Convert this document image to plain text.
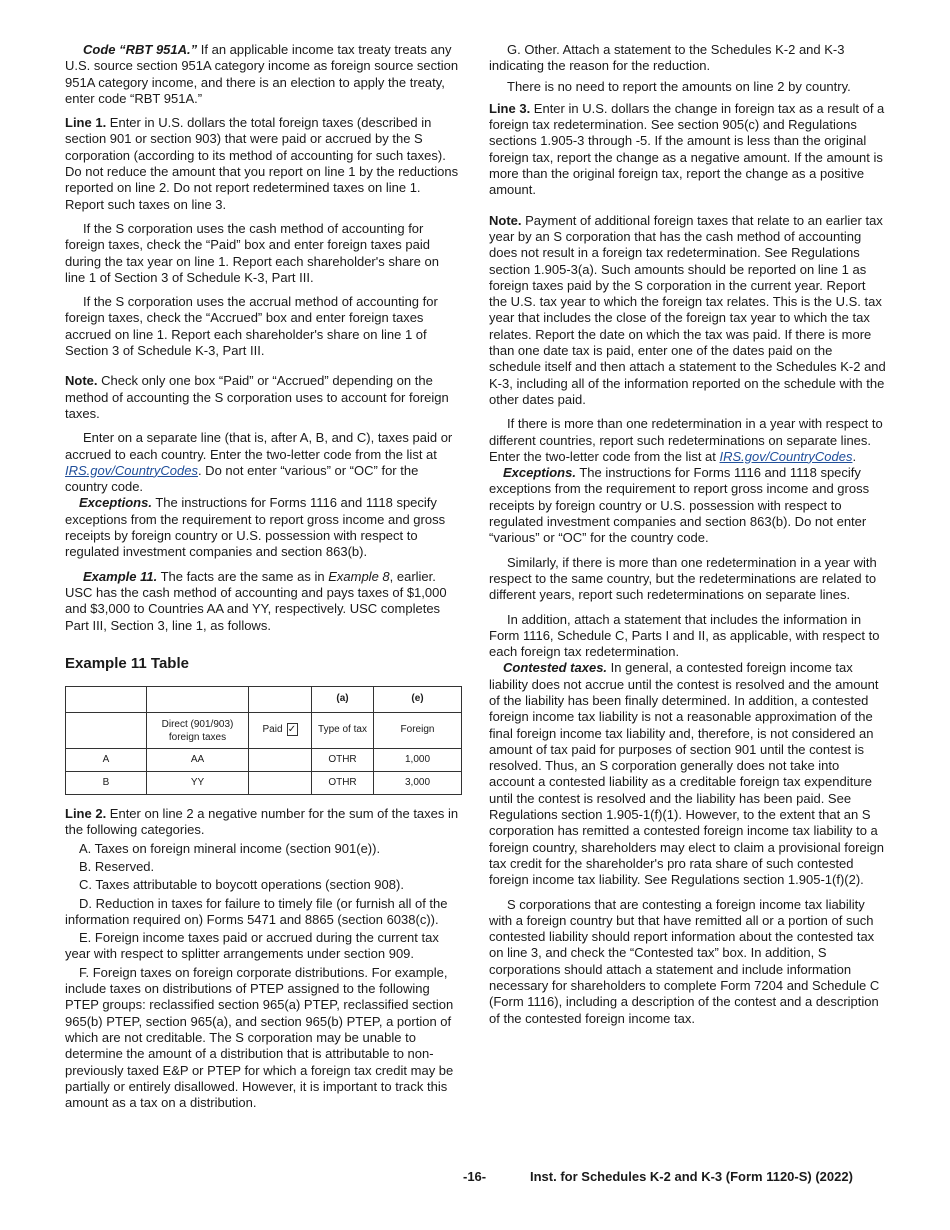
Code “RBT 951A.” If an applicable income tax treaty treats any U.S. source section 951A category income as foreign source section 951A category income, and there is an election to apply the treaty, enter code “RBT 951A.”

Line 1. Enter in U.S. dollars the total foreign taxes (described in section 901 or section 903) that were paid or accrued by the S corporation (according to its method of accounting for such taxes). Do not reduce the amount that you report on line 1 by the reductions reported on line 2. Do not report redetermined taxes on line 1. Report such taxes on line 3.

If the S corporation uses the cash method of accounting for foreign taxes, check the “Paid” box and enter foreign taxes paid during the tax year on line 1. Report each shareholder's share on line 1 of Section 3 of Schedule K-3, Part III.

If the S corporation uses the accrual method of accounting for foreign taxes, check the “Accrued” box and enter foreign taxes accrued on line 1. Report each shareholder's share on line 1 of Section 3 of Schedule K-3, Part III.

Note. Check only one box “Paid” or “Accrued” depending on the method of accounting the S corporation uses to account for foreign taxes.

Enter on a separate line (that is, after A, B, and C), taxes paid or accrued to each country. Enter the two-letter code from the list at IRS.gov/CountryCodes. Do not enter “various” or “OC” for the country code.

Exceptions. The instructions for Forms 1116 and 1118 specify exceptions from the requirement to report gross income and gross receipts by foreign country or U.S. possession with respect to regulated investment companies and section 863(b).

Example 11. The facts are the same as in Example 8, earlier. USC has the cash method of accounting and pays taxes of $1,000 and $3,000 to Countries AA and YY, respectively. USC completes Part III, Section 3, line 1, as follows.

Example 11 Table
			(a)	(e)
	Direct (901/903) foreign taxes	Paid ✓	Type of tax	Foreign
A	AA		OTHR	1,000
B	YY		OTHR	3,000

Line 2. Enter on line 2 a negative number for the sum of the taxes in the following categories.

A. Taxes on foreign mineral income (section 901(e)).

B. Reserved.

C. Taxes attributable to boycott operations (section 908).

D. Reduction in taxes for failure to timely file (or furnish all of the information required on) Forms 5471 and 8865 (section 6038(c)).

E. Foreign income taxes paid or accrued during the current tax year with respect to splitter arrangements under section 909.

F. Foreign taxes on foreign corporate distributions. For example, include taxes on distributions of PTEP assigned to the following PTEP groups: reclassified section 965(a) PTEP, reclassified section 965(b) PTEP, section 965(a), and section 965(b) PTEP, a portion of which are not creditable. The S corporation may be unable to determine the amount of a distribution that is attributable to non-previously taxed E&P or PTEP for which a foreign tax credit may be partially or entirely disallowed. However, it is important to track this amount as a tax on a distribution.

G. Other. Attach a statement to the Schedules K-2 and K-3 indicating the reason for the reduction.

There is no need to report the amounts on line 2 by country.

Line 3. Enter in U.S. dollars the change in foreign tax as a result of a foreign tax redetermination. See section 905(c) and Regulations sections 1.905-3 through -5. If the amount is less than the original foreign tax, report the change as a negative amount. If the amount is more than the original foreign tax, report the change as a positive amount.

Note. Payment of additional foreign taxes that relate to an earlier tax year by an S corporation that has the cash method of accounting does not result in a foreign tax redetermination. See Regulations section 1.905-3(a). Such amounts should be reported on line 1 as foreign taxes paid by the S corporation in the current year. Report the U.S. tax year to which the foreign tax relates. This is the U.S. tax year that includes the close of the foreign tax year to which the tax relates. Report the date on which the tax was paid. If there is more than one date tax is paid, enter one of the dates paid on the schedule itself and then attach a statement to the Schedules K-2 and K-3, including all of the information reported on the schedule with the other dates paid.

If there is more than one redetermination in a year with respect to different countries, report such redeterminations on separate lines. Enter the two-letter code from the list at IRS.gov/CountryCodes.

Exceptions. The instructions for Forms 1116 and 1118 specify exceptions from the requirement to report gross income and gross receipts by foreign country or U.S. possession with respect to regulated investment companies and section 863(b). Do not enter “various” or “OC” for the country code.

Similarly, if there is more than one redetermination in a year with respect to the same country, but the redeterminations are related to different years, report such redeterminations on separate lines.

In addition, attach a statement that includes the information in Form 1116, Schedule C, Parts I and II, as applicable, with respect to each foreign tax redetermination.

Contested taxes. In general, a contested foreign income tax liability does not accrue until the contest is resolved and the amount of the liability has been finally determined. In addition, a contested foreign income tax liability is not a reasonable approximation of the final foreign income tax liability and, therefore, is not considered an amount of tax paid for purposes of section 901 until the contest is resolved. Thus, an S corporation generally does not take into account a contested liability as a creditable foreign tax expenditure until the contest is resolved and the liability has been paid. See Regulations section 1.905-1(f)(1). However, to the extent that an S corporation has remitted a contested foreign income tax liability to a foreign country, shareholders may elect to claim a provisional foreign tax credit for the shareholder's pro rata share of such contested foreign income tax liability. See Regulations section 1.905-1(f)(2).

S corporations that are contesting a foreign income tax liability with a foreign country but that have remitted all or a portion of such contested liability should report information about the contested tax on line 3, and check the “Contested tax” box. In addition, S corporations should attach a statement and include information necessary for shareholders to complete Form 7204 and Schedule C (Form 1116), including a description of the contest and a description of the contested foreign income tax.

-16-	Inst. for Schedules K-2 and K-3 (Form 1120-S) (2022)
